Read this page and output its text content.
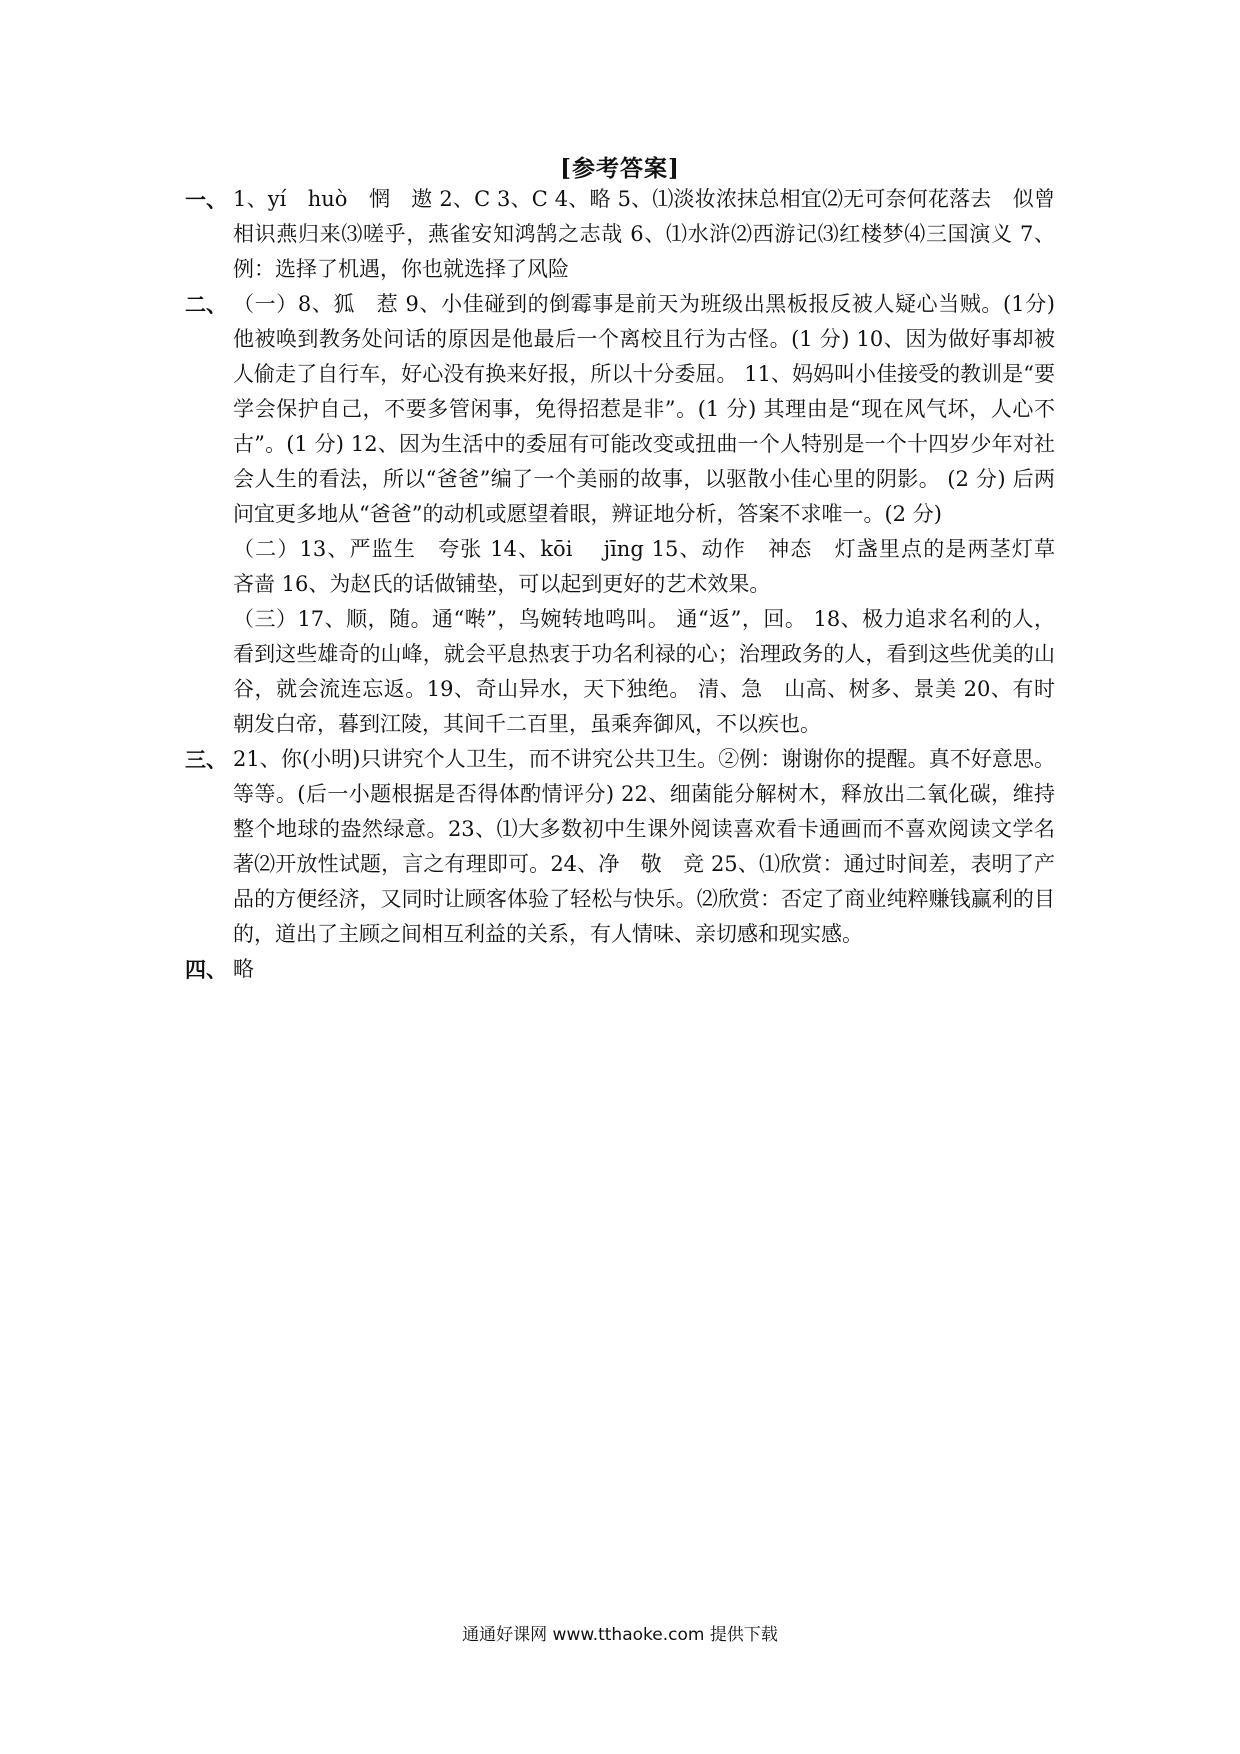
[参考答案]
一、 1、yí　huò　惘　遨 2、C 3、C 4、略 5、⑴淡妆浓抹总相宜⑵无可奈何花落去　似曾相识燕归来⑶嗟乎，燕雀安知鸿鹄之志哉 6、⑴水浒⑵西游记⑶红楼梦⑷三国演义 7、例：选择了机遇，你也就选择了风险

二、 （一）8、狐　惹 9、小佳碰到的倒霉事是前天为班级出黑板报反被人疑心当贼。(1分) 他被唤到教务处问话的原因是他最后一个离校且行为古怪。(1 分) 10、因为做好事却被人偷走了自行车，好心没有换来好报，所以十分委屈。 11、妈妈叫小佳接受的教训是“要学会保护自己，不要多管闲事，免得招惹是非”。(1 分) 其理由是“现在风气坏，人心不古”。(1 分) 12、因为生活中的委屈有可能改变或扭曲一个人特别是一个十四岁少年对社会人生的看法，所以“爸爸”编了一个美丽的故事，以驱散小佳心里的阴影。 (2 分) 后两问宜更多地从“爸爸”的动机或愿望着眼，辨证地分析，答案不求唯一。(2 分)

（二）13、严监生　夸张 14、kōi　 jīng 15、动作　神态　灯盏里点的是两茎灯草　吝啬 16、为赵氏的话做铺垫，可以起到更好的艺术效果。

（三）17、顺，随。通“啭”，鸟婉转地鸣叫。 通“返”，回。 18、极力追求名利的人，看到这些雄奇的山峰，就会平息热衷于功名利禄的心；治理政务的人，看到这些优美的山谷，就会流连忘返。19、奇山异水，天下独绝。 清、急　山高、树多、景美 20、有时朝发白帝，暮到江陵，其间千二百里，虽乘奔御风，不以疾也。

三、 21、你(小明)只讲究个人卫生，而不讲究公共卫生。②例：谢谢你的提醒。真不好意思。等等。(后一小题根据是否得体酌情评分) 22、细菌能分解树木，释放出二氧化碳，维持整个地球的盎然绿意。23、⑴大多数初中生课外阅读喜欢看卡通画而不喜欢阅读文学名著⑵开放性试题，言之有理即可。24、净　敬　竞 25、⑴欣赏：通过时间差，表明了产品的方便经济，又同时让顾客体验了轻松与快乐。⑵欣赏：否定了商业纯粹赚钱赢利的目的，道出了主顾之间相互利益的关系，有人情味、亲切感和现实感。

四、 略

通通好课网 www.tthaoke.com 提供下载
